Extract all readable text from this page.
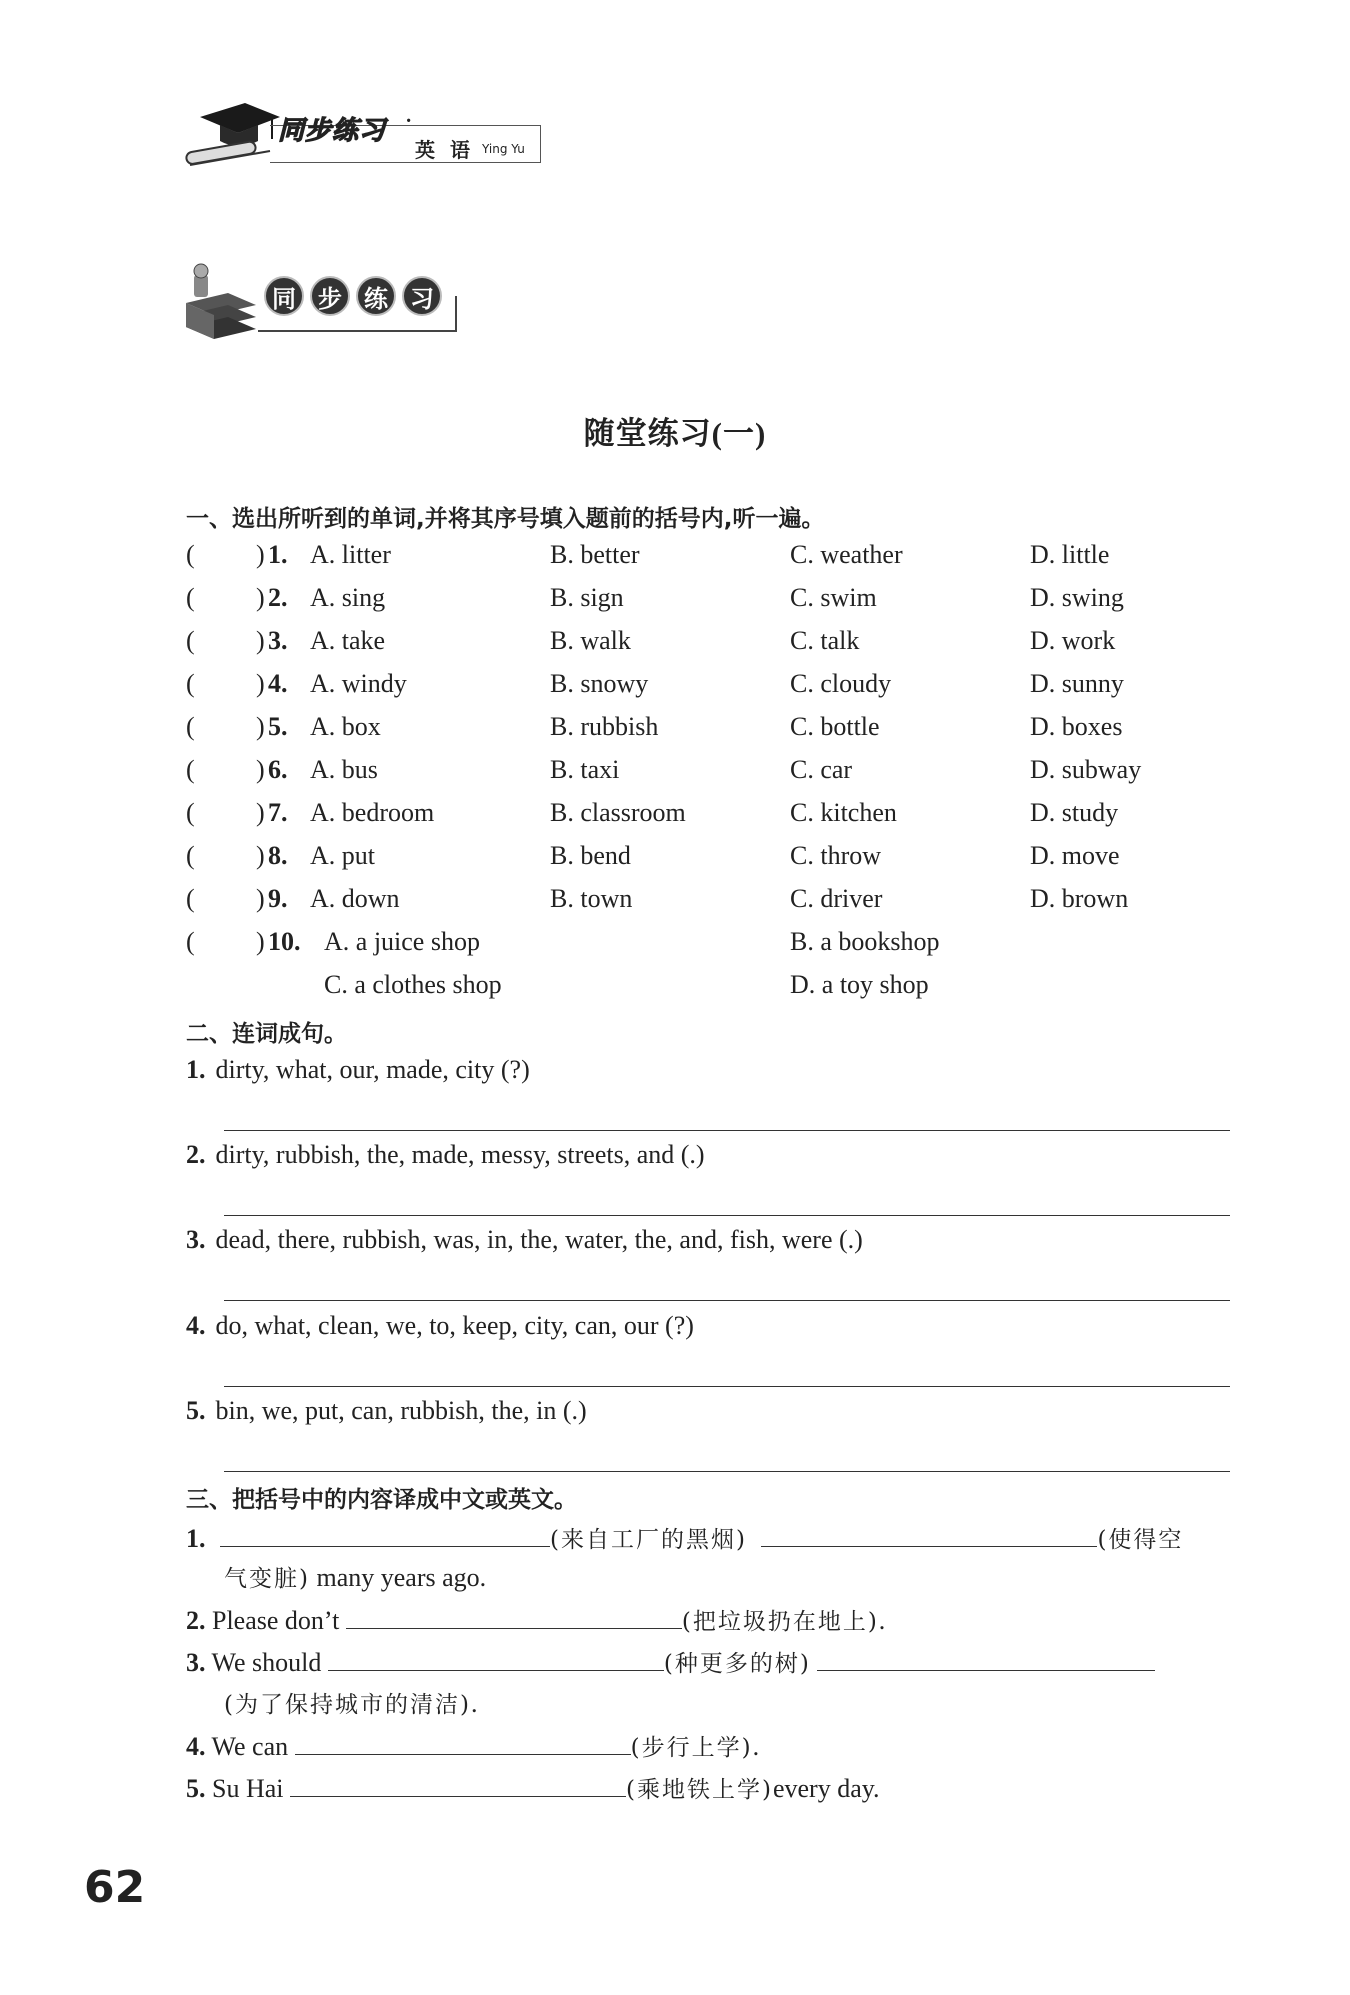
同步练习 ·
英 语 Ying Yu
同 步 练 习
随堂练习(一)
一、选出所听到的单词,并将其序号填入题前的括号内,听一遍。
( ) 1. A. litter	B. better	C. weather	D. little
( ) 2. A. sing	B. sign	C. swim	D. swing
( ) 3. A. take	B. walk	C. talk	D. work
( ) 4. A. windy	B. snowy	C. cloudy	D. sunny
( ) 5. A. box	B. rubbish	C. bottle	D. boxes
( ) 6. A. bus	B. taxi	C. car	D. subway
( ) 7. A. bedroom	B. classroom	C. kitchen	D. study
( ) 8. A. put	B. bend	C. throw	D. move
( ) 9. A. down	B. town	C. driver	D. brown
( ) 10. A. a juice shop	B. a bookshop
C. a clothes shop	D. a toy shop
二、连词成句。
1. dirty, what, our, made, city (?)
2. dirty, rubbish, the, made, messy, streets, and (.)
3. dead, there, rubbish, was, in, the, water, the, and, fish, were (.)
4. do, what, clean, we, to, keep, city, can, our (?)
5. bin, we, put, can, rubbish, the, in (.)
三、把括号中的内容译成中文或英文。
1.	(来自工厂的黑烟)	(使得空
气变脏) many years ago.
2. Please don’t	(把垃圾扔在地上).
3. We should	(种更多的树)
(为了保持城市的清洁).
4. We can	(步行上学).
5. Su Hai	(乘地铁上学)every day.
62
